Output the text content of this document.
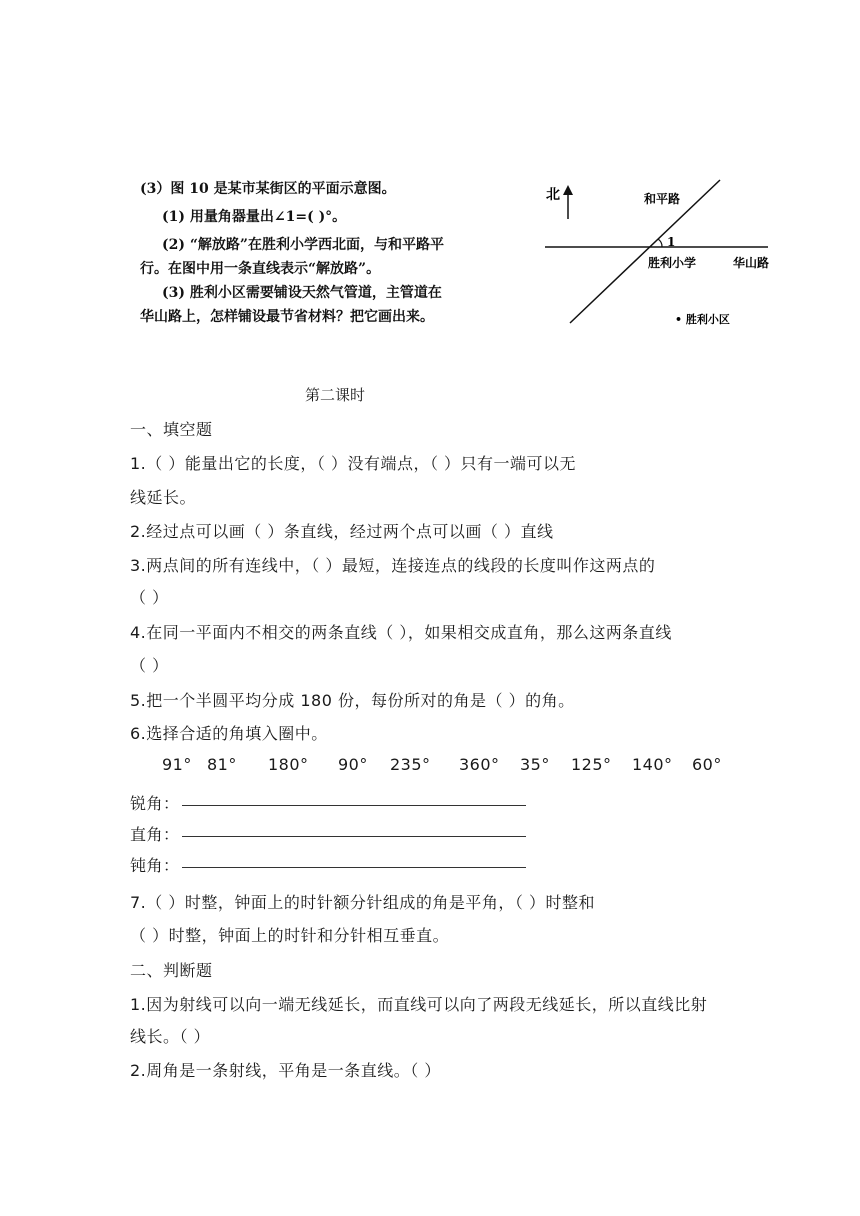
(3）图 10 是某市某街区的平面示意图。
(1) 用量角器量出∠1=( )°。
(2) “解放路”在胜利小学西北面，与和平路平
行。在图中用一条直线表示“解放路”。
(3) 胜利小区需要铺设天然气管道，主管道在
华山路上，怎样铺设最节省材料？把它画出来。
北	和平路
1
胜利小学	华山路
• 胜利小区
第二课时
一、填空题
1.（ ）能量出它的长度，（ ）没有端点，（ ）只有一端可以无
线延长。
2.经过点可以画（ ）条直线，经过两个点可以画（ ）直线
3.两点间的所有连线中，（ ）最短，连接连点的线段的长度叫作这两点的
（ ）
4.在同一平面内不相交的两条直线（ ），如果相交成直角，那么这两条直线
（ ）
5.把一个半圆平均分成 180 份，每份所对的角是（ ）的角。
6.选择合适的角填入圈中。
91° 81° 180° 90° 235° 360° 35° 125° 140° 60°
锐角：
直角：
钝角：
7.（ ）时整，钟面上的时针额分针组成的角是平角，（ ）时整和
（ ）时整，钟面上的时针和分针相互垂直。
二、判断题
1.因为射线可以向一端无线延长，而直线可以向了两段无线延长，所以直线比射
线长。（ ）
2.周角是一条射线，平角是一条直线。（ ）
